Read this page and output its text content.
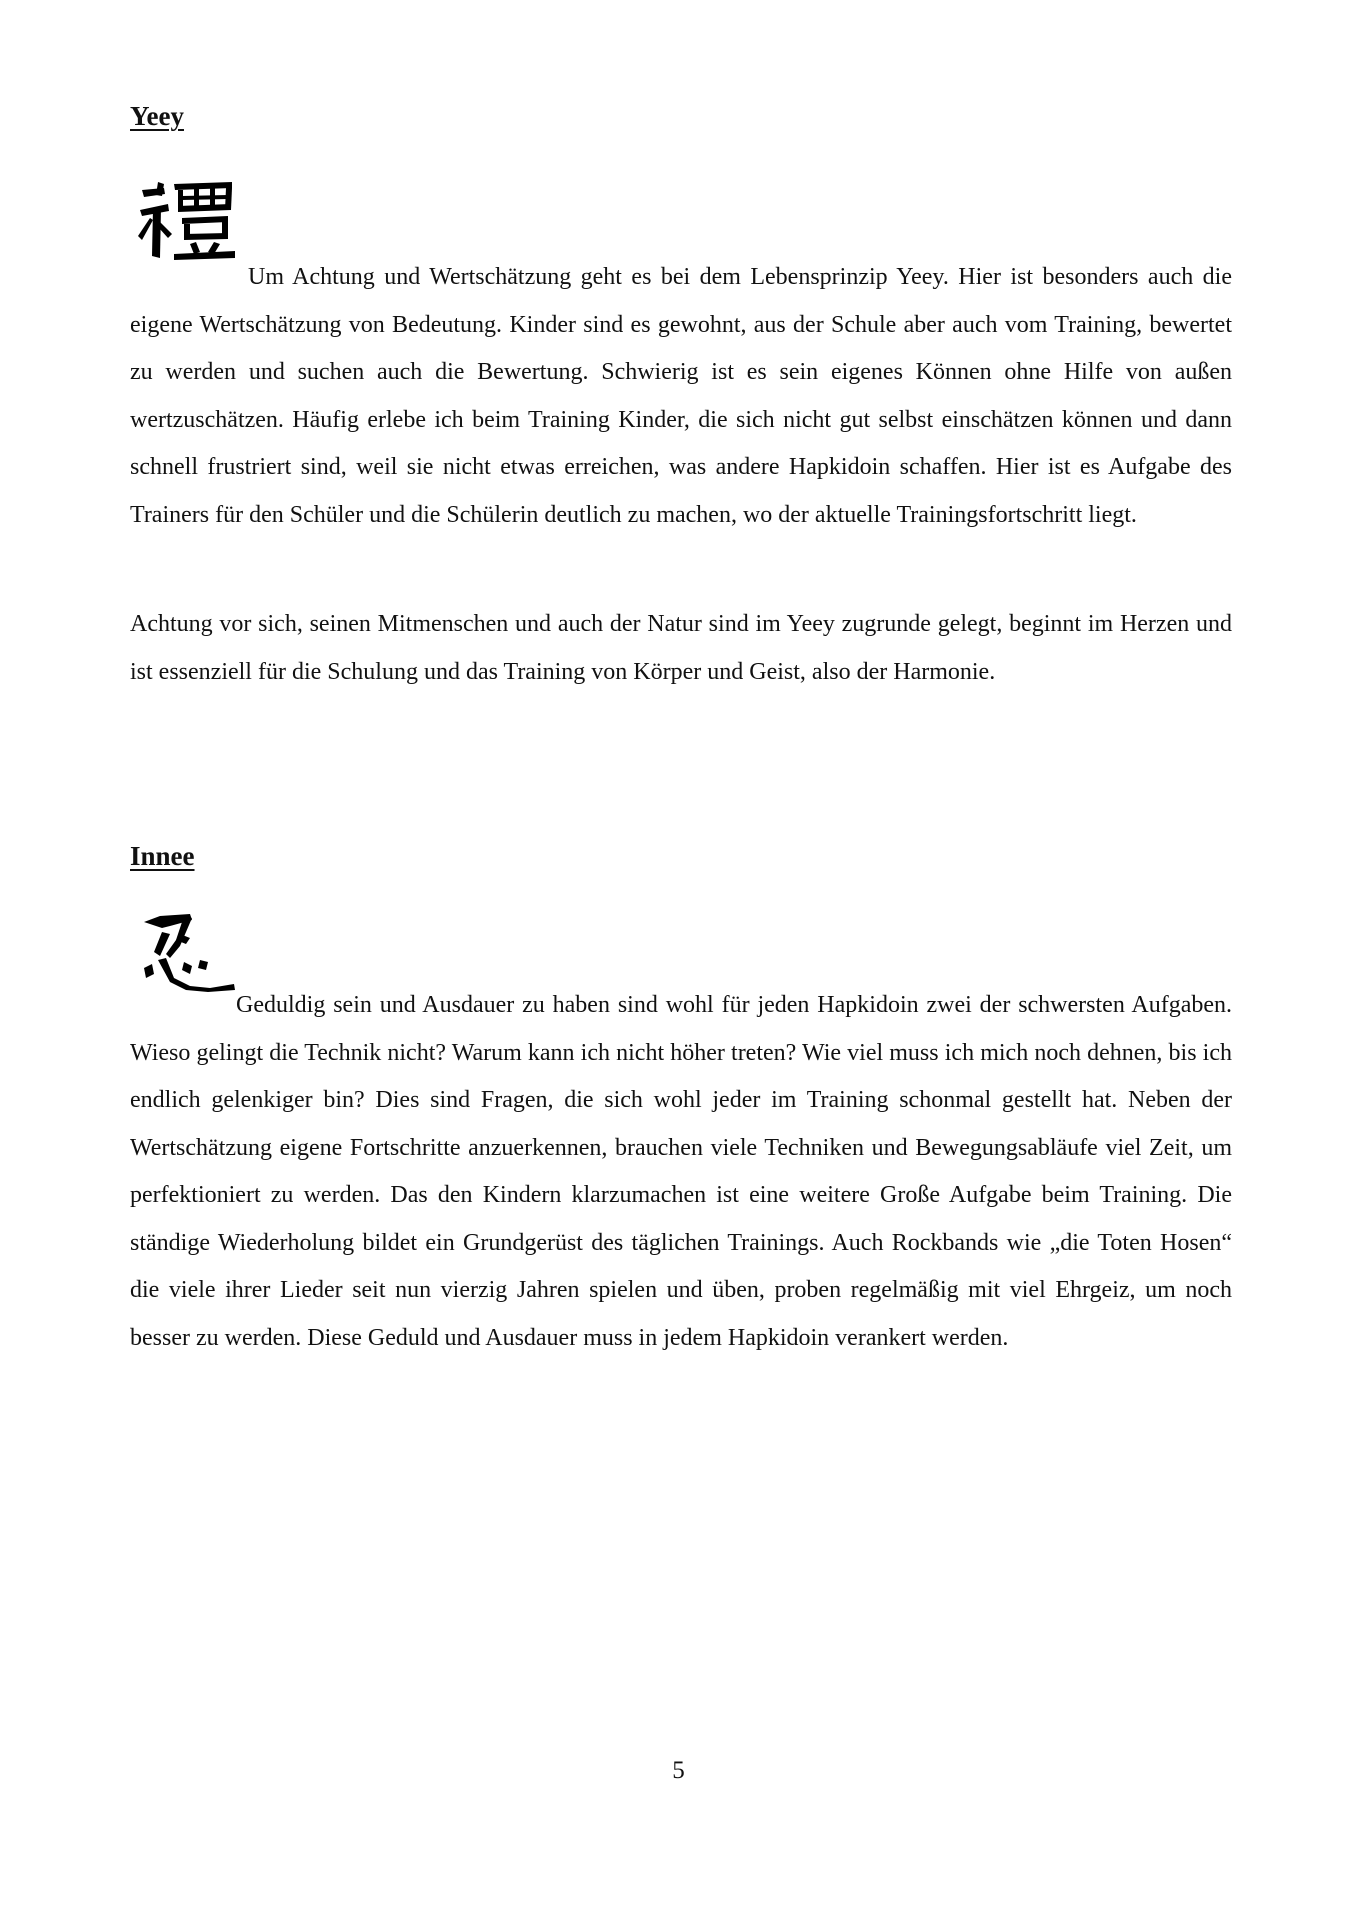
Yeey

Um Achtung und Wertschätzung geht es bei dem Lebensprinzip Yeey. Hier ist besonders auch die eigene Wertschätzung von Bedeutung. Kinder sind es gewohnt, aus der Schule aber auch vom Training, bewertet zu werden und suchen auch die Bewertung. Schwierig ist es sein eigenes Können ohne Hilfe von außen wertzuschätzen. Häufig erlebe ich beim Training Kinder, die sich nicht gut selbst einschätzen können und dann schnell frustriert sind, weil sie nicht etwas erreichen, was andere Hapkidoin schaffen. Hier ist es Aufgabe des Trainers für den Schüler und die Schülerin deutlich zu machen, wo der aktuelle Trainingsfortschritt liegt.

Achtung vor sich, seinen Mitmenschen und auch der Natur sind im Yeey zugrunde gelegt, beginnt im Herzen und ist essenziell für die Schulung und das Training von Körper und Geist, also der Harmonie.

Innee

Geduldig sein und Ausdauer zu haben sind wohl für jeden Hapkidoin zwei der schwersten Aufgaben. Wieso gelingt die Technik nicht? Warum kann ich nicht höher treten? Wie viel muss ich mich noch dehnen, bis ich endlich gelenkiger bin? Dies sind Fragen, die sich wohl jeder im Training schonmal gestellt hat. Neben der Wertschätzung eigene Fortschritte anzuerkennen, brauchen viele Techniken und Bewegungsabläufe viel Zeit, um perfektioniert zu werden. Das den Kindern klarzumachen ist eine weitere Große Aufgabe beim Training. Die ständige Wiederholung bildet ein Grundgerüst des täglichen Trainings. Auch Rockbands wie „die Toten Hosen“ die viele ihrer Lieder seit nun vierzig Jahren spielen und üben, proben regelmäßig mit viel Ehrgeiz, um noch besser zu werden. Diese Geduld und Ausdauer muss in jedem Hapkidoin verankert werden.

5
